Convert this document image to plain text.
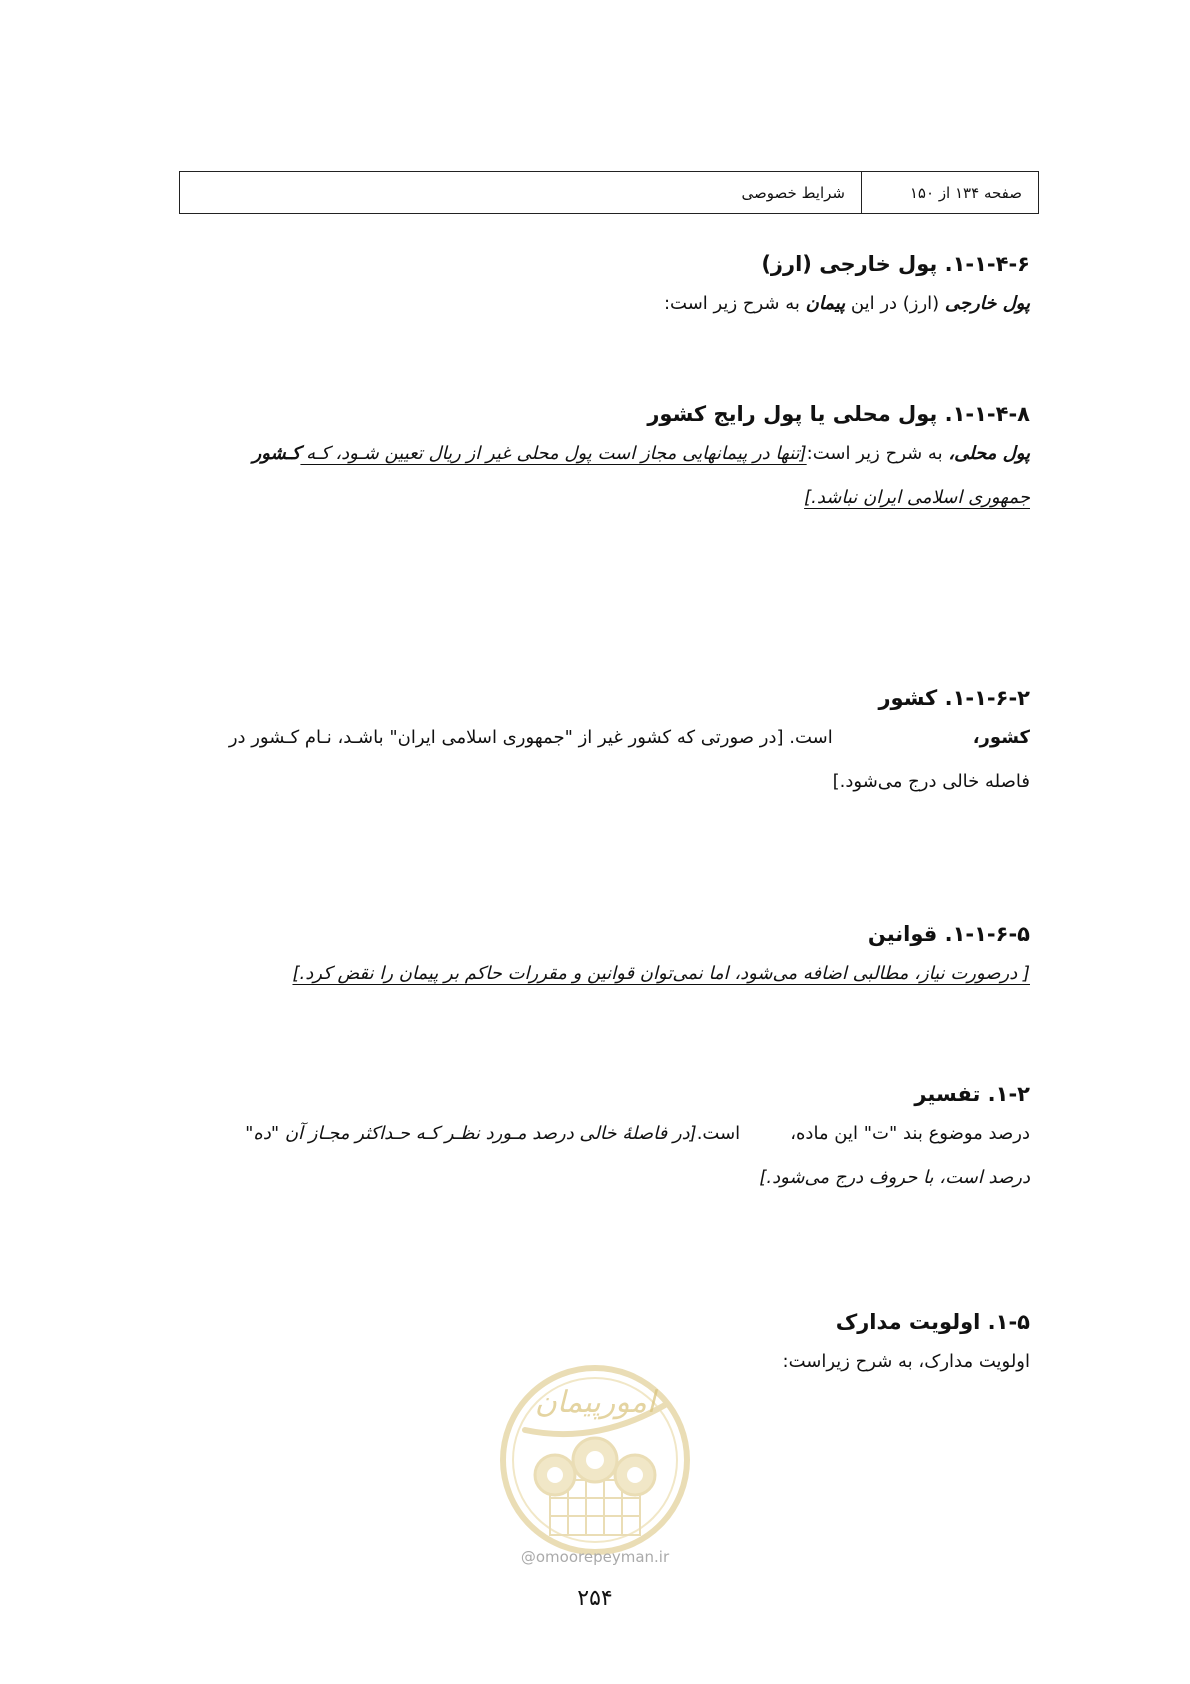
صفحه ۱۳۴ از ۱۵۰
شرایط خصوصی
۱-۱-۴-۶. پول خارجی (ارز)
پول خارجی (ارز) در این پیمان به شرح زیر است:
۱-۱-۴-۸. پول محلی یا پول رایج کشور
پول محلی، به شرح زیر است:[تنها در پیمانهایی مجاز است پول محلی غیر از ریال تعیین شـود، کـه کـشور
جمهوری اسلامی ایران نباشد.]
۱-۱-۶-۲. کشور
کشور،است. [در صورتی که کشور غیر از "جمهوری اسلامی ایران" باشـد، نـام کـشور در
فاصله خالی درج می‌شود.]
۱-۱-۶-۵. قوانین
[ درصورت نیاز، مطالبی اضافه می‌شود، اما نمی‌توان قوانین و مقررات حاکم بر پیمان را نقض کرد.]
۱-۲. تفسیر
درصد موضوع بند "ت" این ماده،است.[در فاصلهٔ خالی درصد مـورد نظـر کـه حـداکثر مجـاز آن "ده"
درصد است، با حروف درج می‌شود.]
۱-۵. اولویت مدارک
اولویت مدارک، به شرح زیراست:
امورپیمان
@omoorepeyman.ir
۲۵۴
